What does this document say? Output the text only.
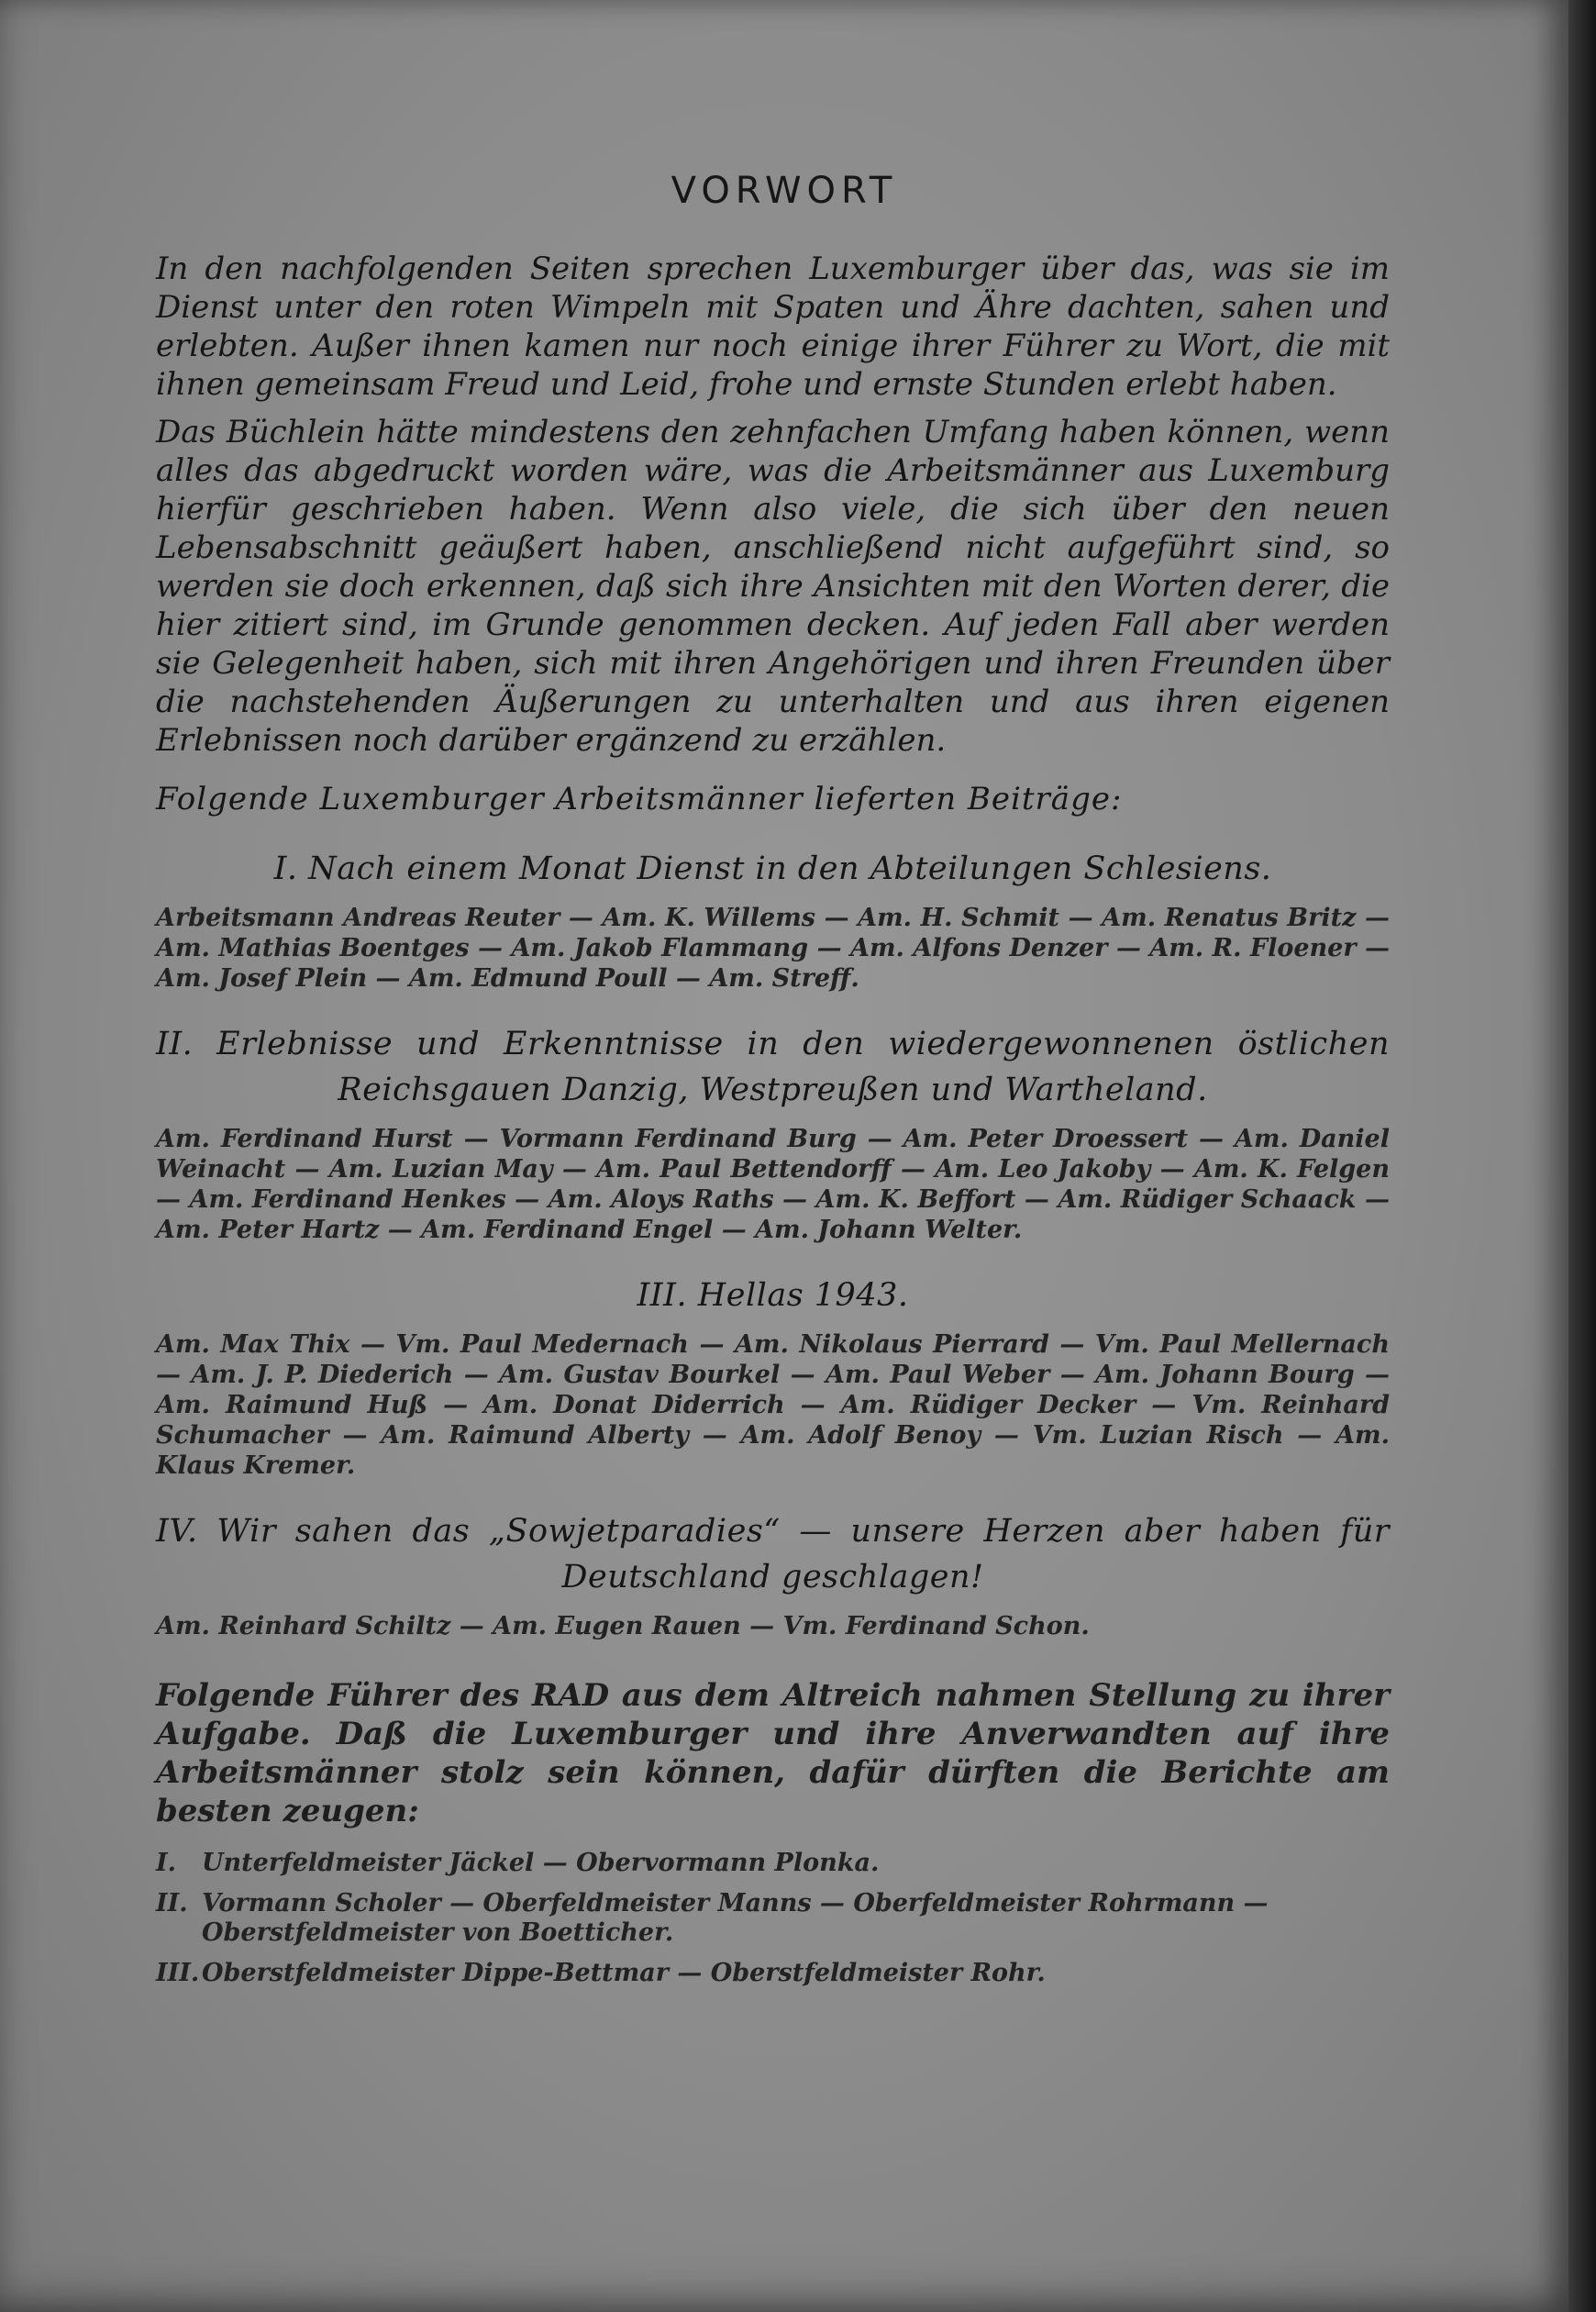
VORWORT

In den nachfolgenden Seiten sprechen Luxemburger über das, was sie im Dienst unter den roten Wimpeln mit Spaten und Ähre dachten, sahen und erlebten. Außer ihnen kamen nur noch einige ihrer Führer zu Wort, die mit ihnen gemeinsam Freud und Leid, frohe und ernste Stunden erlebt haben.

Das Büchlein hätte mindestens den zehnfachen Umfang haben können, wenn alles das abgedruckt worden wäre, was die Arbeitsmänner aus Luxemburg hierfür geschrieben haben. Wenn also viele, die sich über den neuen Lebensabschnitt geäußert haben, anschließend nicht aufgeführt sind, so werden sie doch erkennen, daß sich ihre Ansichten mit den Worten derer, die hier zitiert sind, im Grunde genommen decken. Auf jeden Fall aber werden sie Gelegenheit haben, sich mit ihren Angehörigen und ihren Freunden über die nachstehenden Äußerungen zu unterhalten und aus ihren eigenen Erlebnissen noch darüber ergänzend zu erzählen.

Folgende Luxemburger Arbeitsmänner lieferten Beiträge:

I. Nach einem Monat Dienst in den Abteilungen Schlesiens.

Arbeitsmann Andreas Reuter — Am. K. Willems — Am. H. Schmit — Am. Renatus Britz — Am. Mathias Boentges — Am. Jakob Flammang — Am. Alfons Denzer — Am. R. Floener — Am. Josef Plein — Am. Edmund Poull — Am. Streff.

II. Erlebnisse und Erkenntnisse in den wiedergewonnenen östlichen Reichsgauen Danzig, Westpreußen und Wartheland.

Am. Ferdinand Hurst — Vormann Ferdinand Burg — Am. Peter Droessert — Am. Daniel Weinacht — Am. Luzian May — Am. Paul Bettendorff — Am. Leo Jakoby — Am. K. Felgen — Am. Ferdinand Henkes — Am. Aloys Raths — Am. K. Beffort — Am. Rüdiger Schaack — Am. Peter Hartz — Am. Ferdinand Engel — Am. Johann Welter.

III. Hellas 1943.

Am. Max Thix — Vm. Paul Medernach — Am. Nikolaus Pierrard — Vm. Paul Mellernach — Am. J. P. Diederich — Am. Gustav Bourkel — Am. Paul Weber — Am. Johann Bourg — Am. Raimund Huß — Am. Donat Diderrich — Am. Rüdiger Decker — Vm. Reinhard Schumacher — Am. Raimund Alberty — Am. Adolf Benoy — Vm. Luzian Risch — Am. Klaus Kremer.

IV. Wir sahen das „Sowjetparadies“ — unsere Herzen aber haben für Deutschland geschlagen!

Am. Reinhard Schiltz — Am. Eugen Rauen — Vm. Ferdinand Schon.

Folgende Führer des RAD aus dem Altreich nahmen Stellung zu ihrer Aufgabe. Daß die Luxemburger und ihre Anverwandten auf ihre Arbeitsmänner stolz sein können, dafür dürften die Berichte am besten zeugen:

I.	Unterfeldmeister Jäckel — Obervormann Plonka.
II. Vormann Scholer — Oberfeldmeister Manns — Oberfeldmeister Rohrmann — Oberstfeldmeister von Boetticher.
III. Oberstfeldmeister Dippe-Bettmar — Oberstfeldmeister Rohr.
